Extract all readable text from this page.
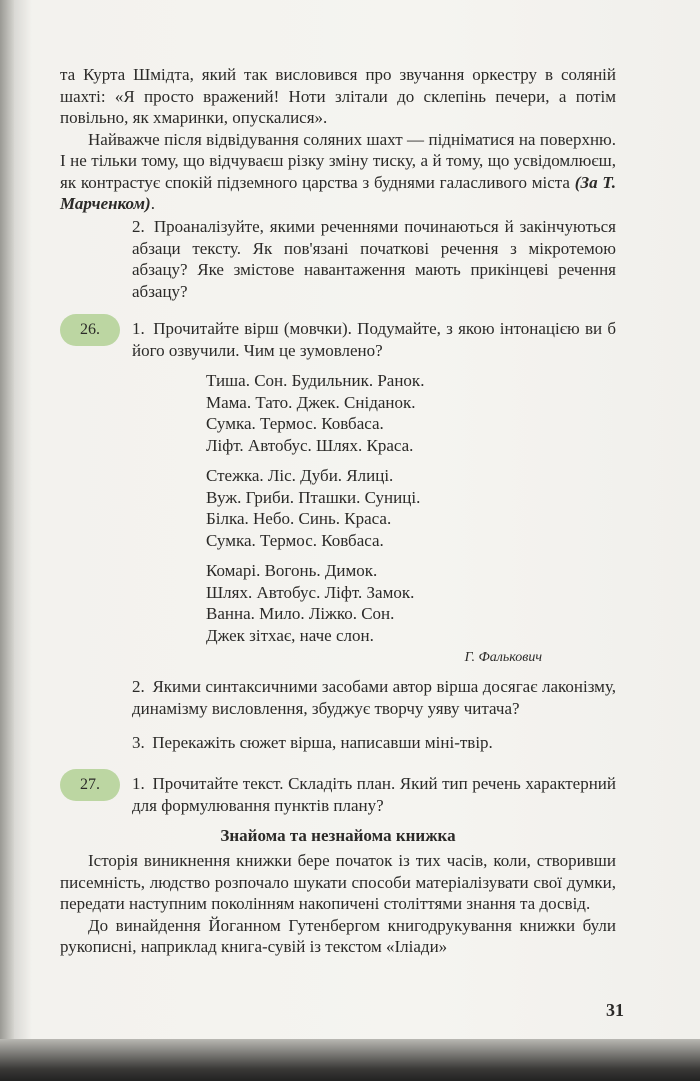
та Курта Шмідта, який так висловився про звучання оркестру в соляній шахті: «Я просто вражений! Ноти злітали до склепінь печери, а потім повільно, як хмаринки, опускалися».

Найважче після відвідування соляних шахт — підніматися на поверхню. І не тільки тому, що відчуваєш різку зміну тиску, а й тому, що усвідомлюєш, як контрастує спокій підземного царства з буднями галасливого міста (За Т. Марченком).

2. Проаналізуйте, якими реченнями починаються й закінчуються абзаци тексту. Як пов'язані початкові речення з мікротемою абзацу? Яке змістове навантаження мають прикінцеві речення абзацу?
26.	1. Прочитайте вірш (мовчки). Подумайте, з якою інтонацією ви б його озвучили. Чим це зумовлено?
Тиша. Сон. Будильник. Ранок.
Мама. Тато. Джек. Сніданок.
Сумка. Термос. Ковбаса.
Ліфт. Автобус. Шлях. Краса.
Стежка. Ліс. Дуби. Ялиці.
Вуж. Гриби. Пташки. Суниці.
Білка. Небо. Синь. Краса.
Сумка. Термос. Ковбаса.
Комарі. Вогонь. Димок.
Шлях. Автобус. Ліфт. Замок.
Ванна. Мило. Ліжко. Сон.
Джек зітхає, наче слон.
Г. Фалькович
2. Якими синтаксичними засобами автор вірша досягає лаконізму, динамізму висловлення, збуджує творчу уяву читача?
3. Перекажіть сюжет вірша, написавши міні-твір.
27.	1. Прочитайте текст. Складіть план. Який тип речень характерний для формулювання пунктів плану?
Знайома та незнайома книжка

Історія виникнення книжки бере початок із тих часів, коли, створивши писемність, людство розпочало шукати способи матеріалізувати свої думки, передати наступним поколінням накопичені століттями знання та досвід.

До винайдення Йоганном Гутенбергом книгодрукування книжки були рукописні, наприклад книга-сувій із текстом «Іліади»

31
